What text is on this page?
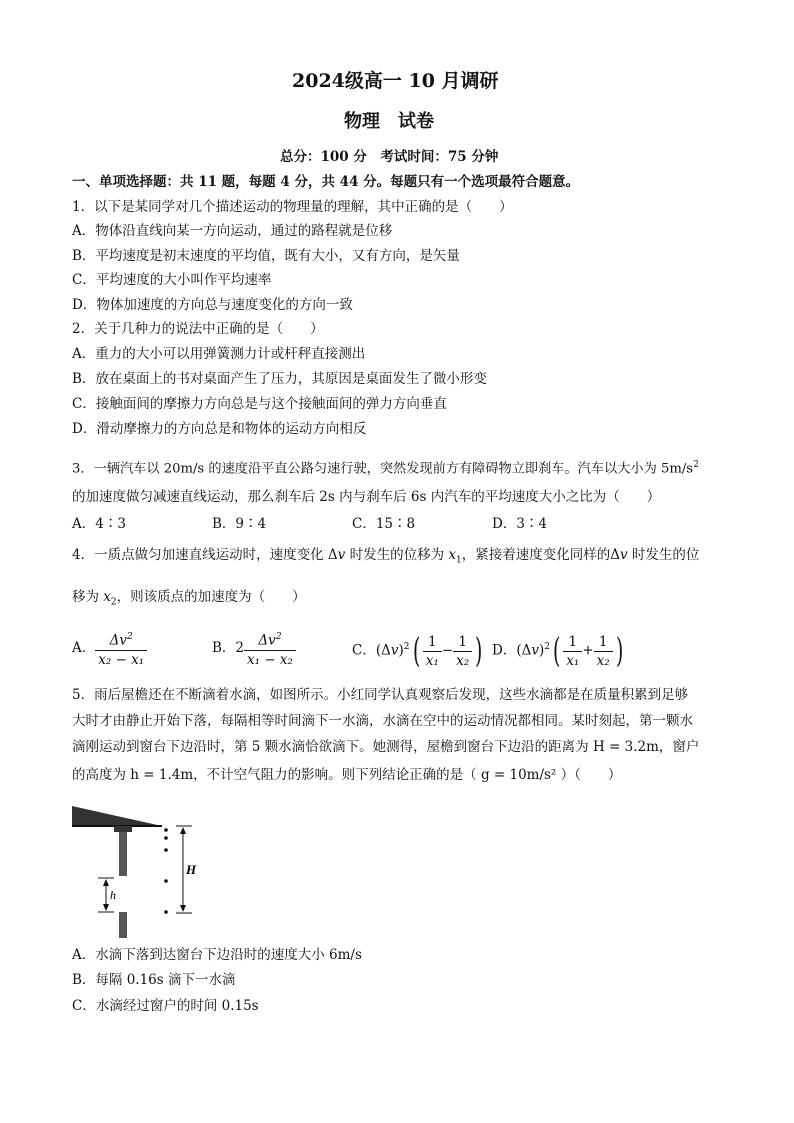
2024级高一 10 月调研
物理　试卷
总分：100 分　考试时间：75 分钟
一、单项选择题：共 11 题，每题 4 分，共 44 分。每题只有一个选项最符合题意。
1．以下是某同学对几个描述运动的物理量的理解，其中正确的是（　　）
A．物体沿直线向某一方向运动，通过的路程就是位移
B．平均速度是初末速度的平均值，既有大小，又有方向，是矢量
C．平均速度的大小叫作平均速率
D．物体加速度的方向总与速度变化的方向一致
2．关于几种力的说法中正确的是（　　）
A．重力的大小可以用弹簧测力计或杆秤直接测出
B．放在桌面上的书对桌面产生了压力，其原因是桌面发生了微小形变
C．接触面间的摩擦力方向总是与这个接触面间的弹力方向垂直
D．滑动摩擦力的方向总是和物体的运动方向相反
3．一辆汽车以 20m/s 的速度沿平直公路匀速行驶，突然发现前方有障碍物立即刹车。汽车以大小为 $5m/s^2$
的加速度做匀减速直线运动，那么刹车后 2s 内与刹车后 6s 内汽车的平均速度大小之比为（　　）
A．4∶3	B．9∶4	C．15∶8	D．3∶4
4．一质点做匀加速直线运动时，速度变化 Δv 时发生的位移为 $x_1$，紧接着速度变化同样的Δv 时发生的位
移为 $x_2$，则该质点的加速度为（　　）
A． $\frac{\Delta v^2}{\text{x₂ − x₁}}$	B．$2 \frac{\Delta v^2}{\text{x₁ − x₂}}$	C．$(\Delta v)^2( \frac{1}{\text{x₁}} - \frac{1}{\text{x₂}}$ ) D．$(\Delta v)^2( \frac{1}{\text{x₁}} + \frac{1}{\text{x₂}}$ )
5．雨后屋檐还在不断滴着水滴，如图所示。小红同学认真观察后发现，这些水滴都是在质量积累到足够
大时才由静止开始下落，每隔相等时间滴下一水滴，水滴在空中的运动情况都相同。某时刻起，第一颗水
滴刚运动到窗台下边沿时，第 5 颗水滴恰欲滴下。她测得，屋檐到窗台下边沿的距离为 H = 3.2m，窗户
的高度为 h = 1.4m，不计空气阻力的影响。则下列结论正确的是（ g = 10m/s² ）（　　）
h
H
A．水滴下落到达窗台下边沿时的速度大小 6m/s
B．每隔 0.16s 滴下一水滴
C．水滴经过窗户的时间 0.15s
